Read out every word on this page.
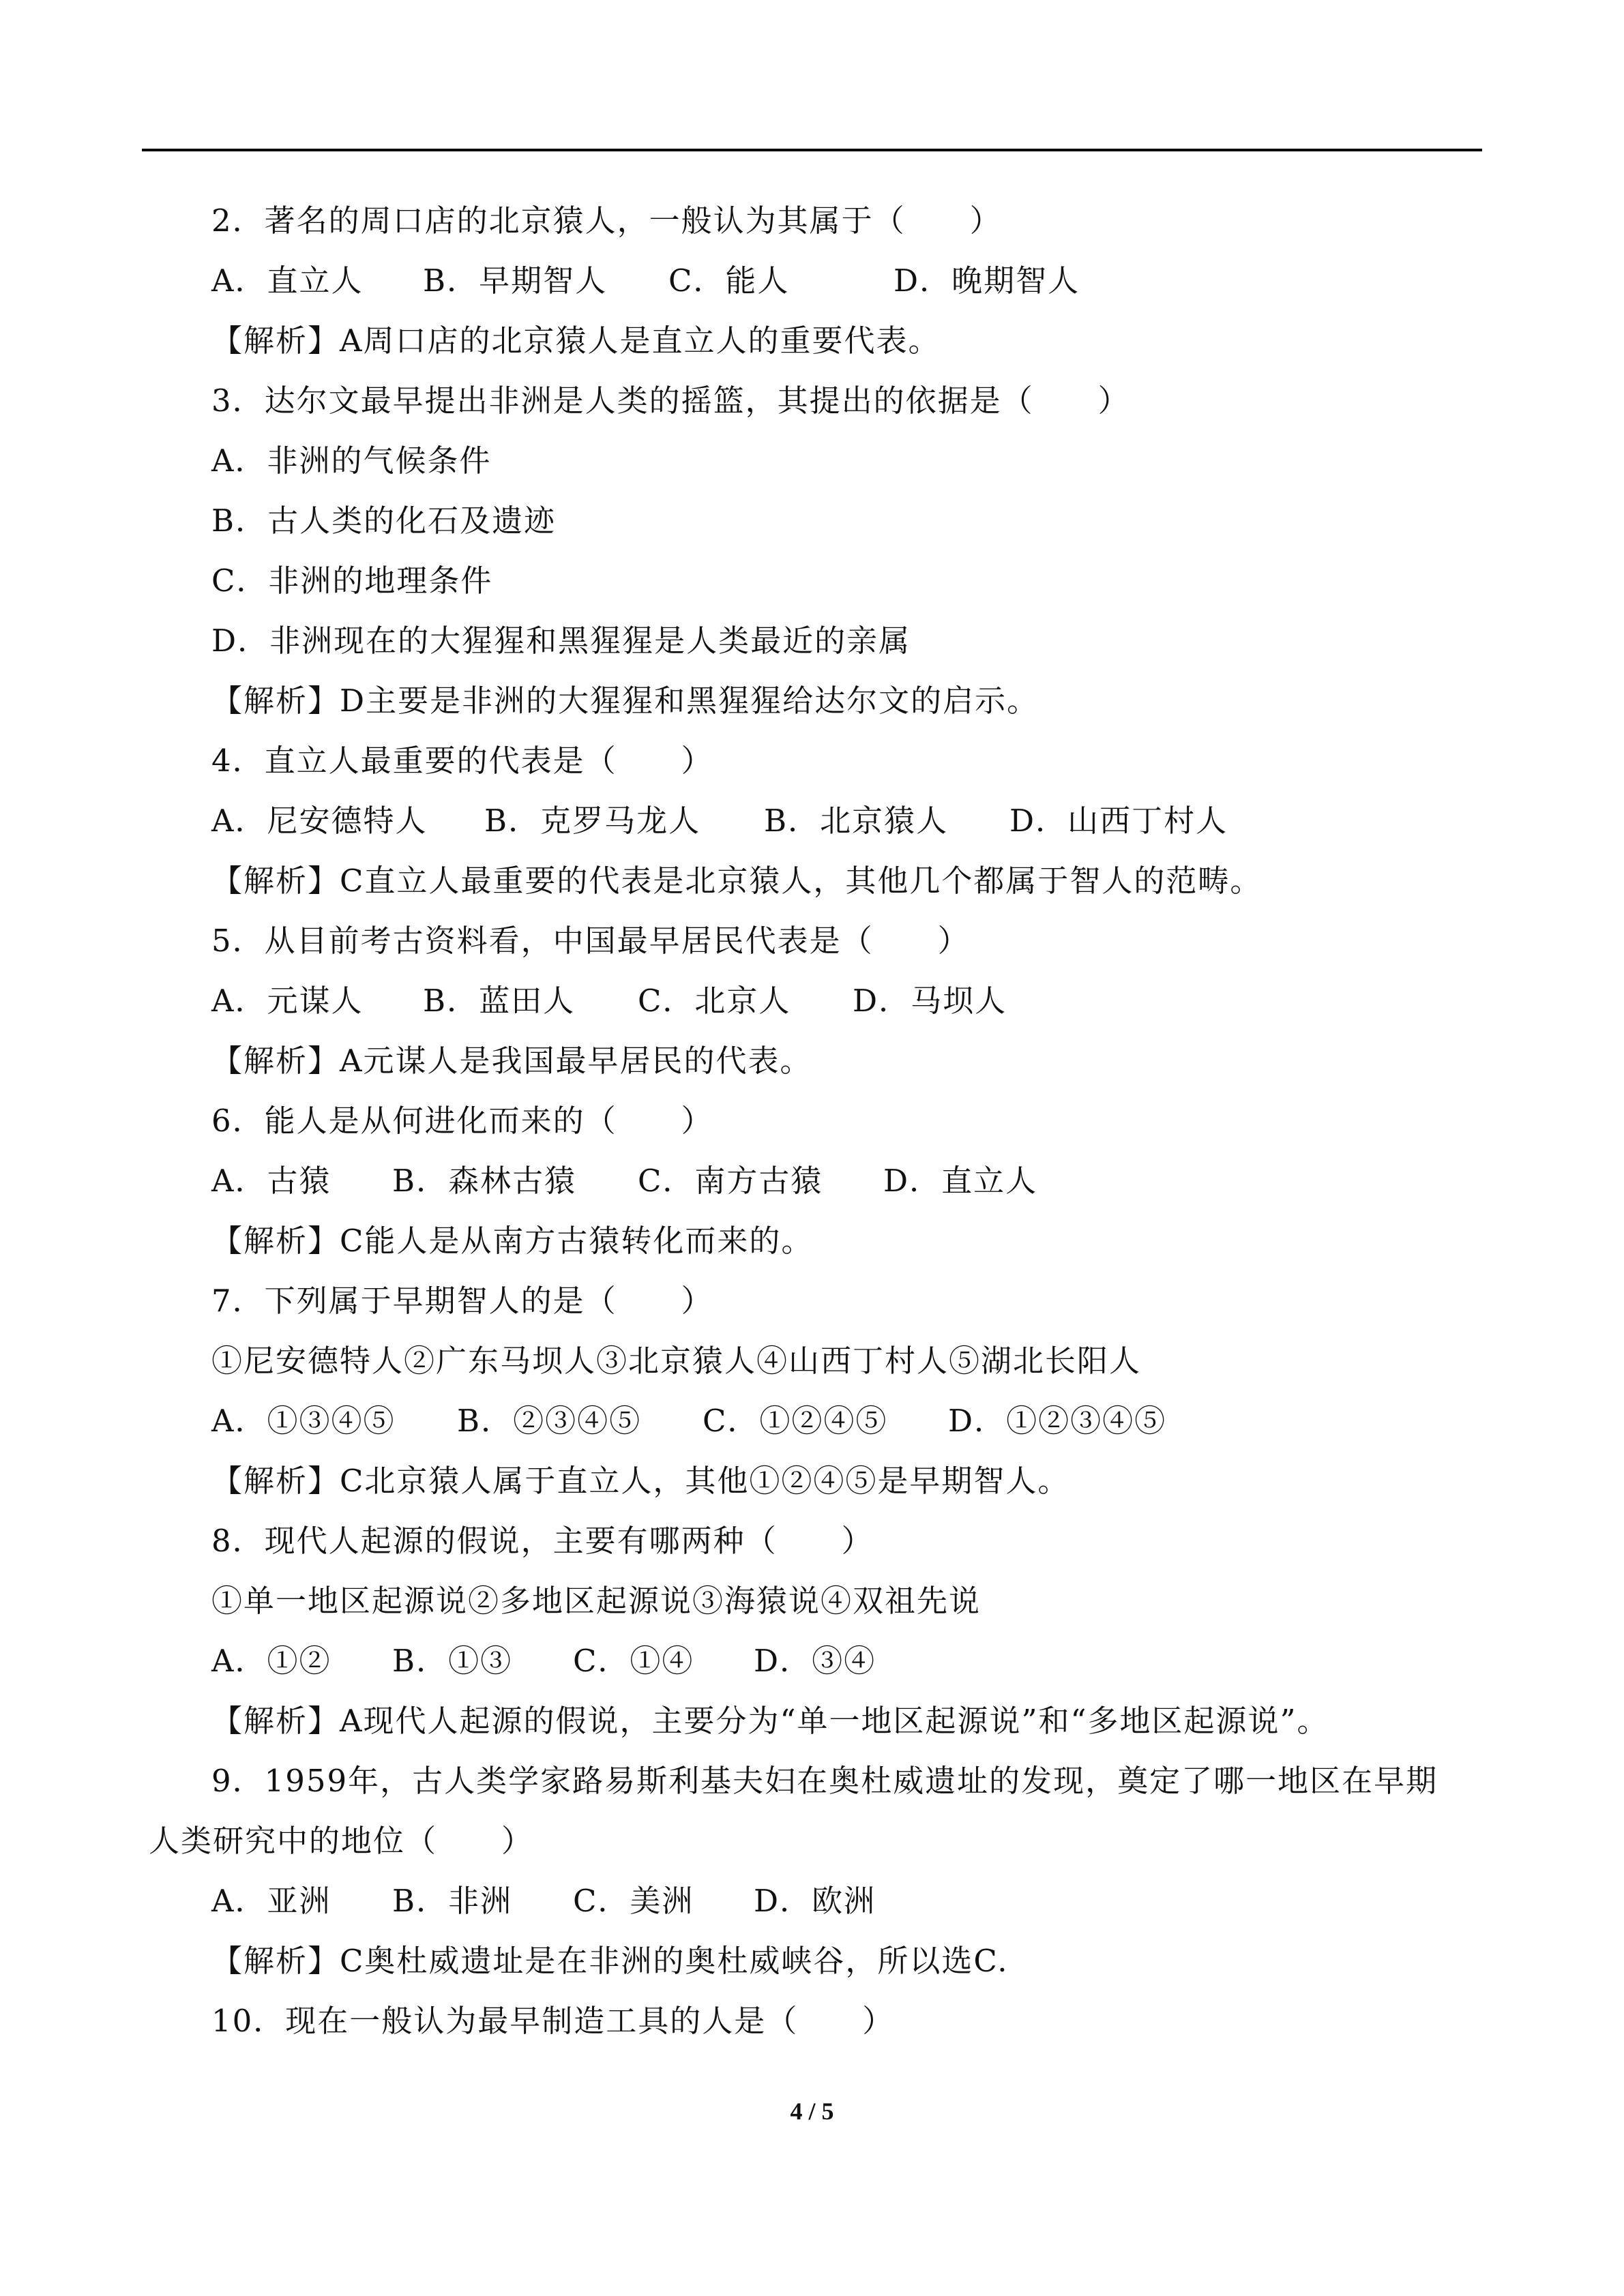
2．著名的周口店的北京猿人，一般认为其属于（　　）
A．直立人 B．早期智人 C．能人	D．晚期智人
【解析】A周口店的北京猿人是直立人的重要代表。
3．达尔文最早提出非洲是人类的摇篮，其提出的依据是（　　）
A．非洲的气候条件
B．古人类的化石及遗迹
C．非洲的地理条件
D．非洲现在的大猩猩和黑猩猩是人类最近的亲属
【解析】D主要是非洲的大猩猩和黑猩猩给达尔文的启示。
4．直立人最重要的代表是（　　）
A．尼安德特人 B．克罗马龙人 B．北京猿人 D．山西丁村人
【解析】C直立人最重要的代表是北京猿人，其他几个都属于智人的范畴。
5．从目前考古资料看，中国最早居民代表是（　　）
A．元谋人 B．蓝田人 C．北京人 D．马坝人
【解析】A元谋人是我国最早居民的代表。
6．能人是从何进化而来的（　　）
A．古猿 B．森林古猿 C．南方古猿 D．直立人
【解析】C能人是从南方古猿转化而来的。
7．下列属于早期智人的是（　　）
①尼安德特人②广东马坝人③北京猿人④山西丁村人⑤湖北长阳人
A．①③④⑤ B．②③④⑤ C．①②④⑤ D．①②③④⑤
【解析】C北京猿人属于直立人，其他①②④⑤是早期智人。
8．现代人起源的假说，主要有哪两种（　　）
①单一地区起源说②多地区起源说③海猿说④双祖先说
A．①② B．①③ C．①④ D．③④
【解析】A现代人起源的假说，主要分为“单一地区起源说”和“多地区起源说”。
9．1959年，古人类学家路易斯利基夫妇在奥杜威遗址的发现，奠定了哪一地区在早期
人类研究中的地位（　　）
A．亚洲 B．非洲 C．美洲 D．欧洲
【解析】C奥杜威遗址是在非洲的奥杜威峡谷，所以选C.
10．现在一般认为最早制造工具的人是（　　）
4 / 5
